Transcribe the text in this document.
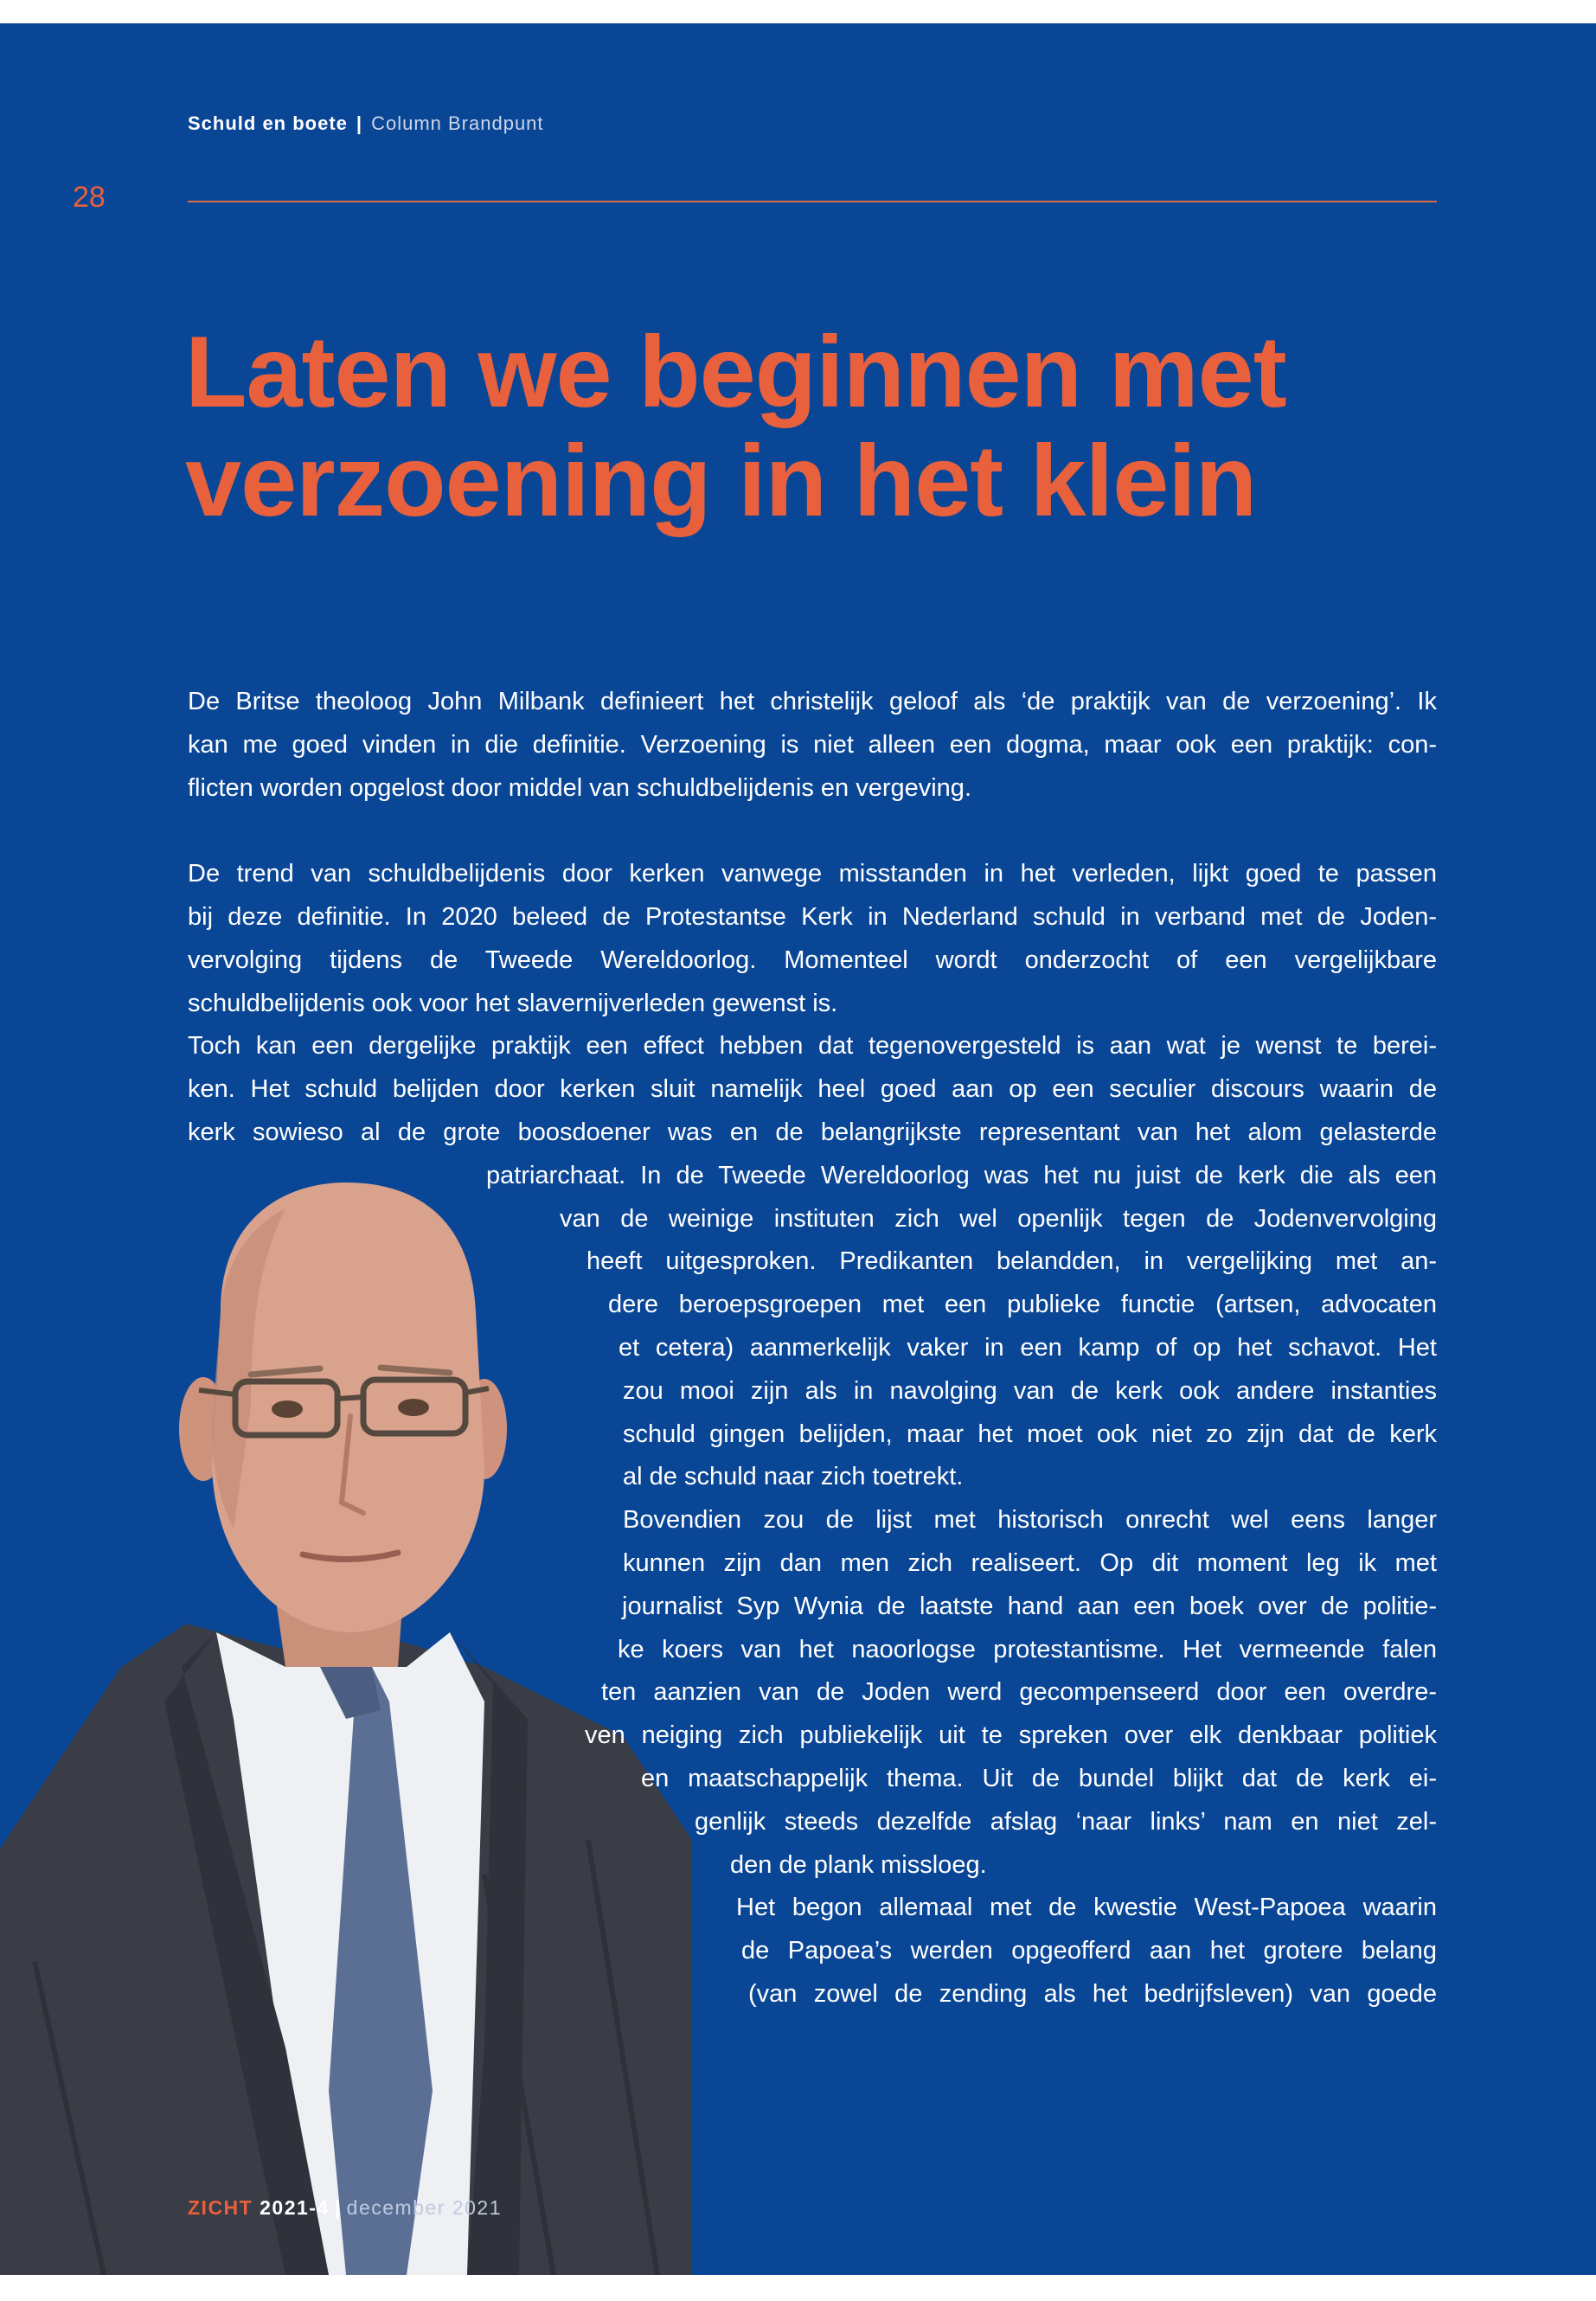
Schuld en boete | Column Brandpunt
28
Laten we beginnen met
verzoening in het klein
De Britse theoloog John Milbank definieert het christelijk geloof als ‘de praktijk van de verzoening’. Ik
kan me goed vinden in die definitie. Verzoening is niet alleen een dogma, maar ook een praktijk: con-
flicten worden opgelost door middel van schuldbelijdenis en vergeving.
De trend van schuldbelijdenis door kerken vanwege misstanden in het verleden, lijkt goed te passen
bij deze definitie. In 2020 beleed de Protestantse Kerk in Nederland schuld in verband met de Joden-
vervolging tijdens de Tweede Wereldoorlog. Momenteel wordt onderzocht of een vergelijkbare
schuldbelijdenis ook voor het slavernijverleden gewenst is.
Toch kan een dergelijke praktijk een effect hebben dat tegenovergesteld is aan wat je wenst te berei-
ken. Het schuld belijden door kerken sluit namelijk heel goed aan op een seculier discours waarin de
kerk sowieso al de grote boosdoener was en de belangrijkste representant van het alom gelasterde
patriarchaat. In de Tweede Wereldoorlog was het nu juist de kerk die als een
van de weinige instituten zich wel openlijk tegen de Jodenvervolging
heeft uitgesproken. Predikanten belandden, in vergelijking met an-
dere beroepsgroepen met een publieke functie (artsen, advocaten
et cetera) aanmerkelijk vaker in een kamp of op het schavot. Het
zou mooi zijn als in navolging van de kerk ook andere instanties
schuld gingen belijden, maar het moet ook niet zo zijn dat de kerk
al de schuld naar zich toetrekt.
Bovendien zou de lijst met historisch onrecht wel eens langer
kunnen zijn dan men zich realiseert. Op dit moment leg ik met
journalist Syp Wynia de laatste hand aan een boek over de politie-
ke koers van het naoorlogse protestantisme. Het vermeende falen
ten aanzien van de Joden werd gecompenseerd door een overdre-
ven neiging zich publiekelijk uit te spreken over elk denkbaar politiek
en maatschappelijk thema. Uit de bundel blijkt dat de kerk ei-
genlijk steeds dezelfde afslag ‘naar links’ nam en niet zel-
den de plank missloeg.
Het begon allemaal met de kwestie West-Papoea waarin
de Papoea’s werden opgeofferd aan het grotere belang
(van zowel de zending als het bedrijfsleven) van goede
ZICHT 2021-4 | december 2021
